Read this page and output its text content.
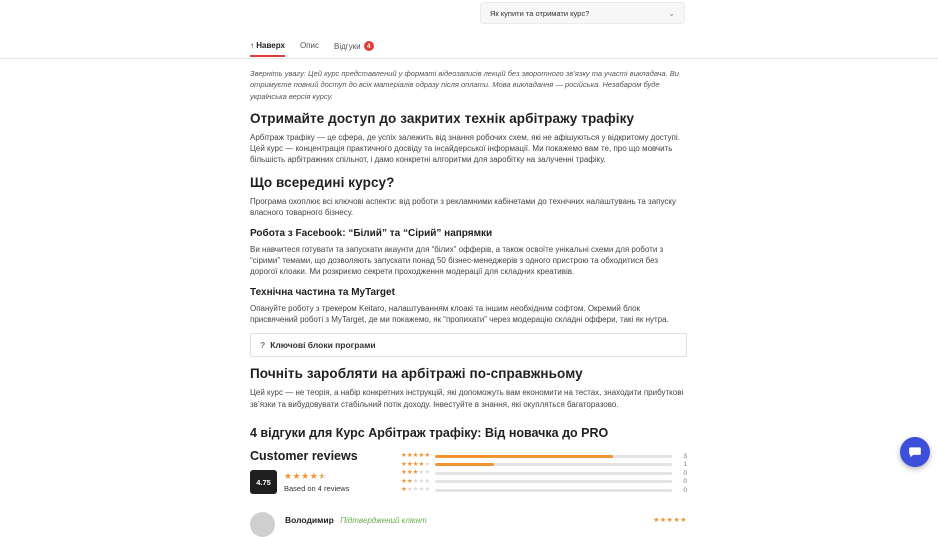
Як купити та отримати курс?	⌄
↑ Наверх Опис Відгуки 4

Зверніть увагу: Цей курс представлений у форматі відеозаписів лекцій без зворотного зв’язку та участі викладача. Ви отримуєте повний доступ до всіх матеріалів одразу після оплати. Мова викладання — російська. Незабаром буде українська версія курсу.

Отримайте доступ до закритих технік арбітражу трафіку

Арбітраж трафіку — це сфера, де успіх залежить від знання робочих схем, які не афішуються у відкритому доступі. Цей курс — концентрація практичного досвіду та інсайдерської інформації. Ми покажемо вам те, про що мовчить більшість арбітражних спільнот, і дамо конкретні алгоритми для заробітку на залученні трафіку.

Що всередині курсу?

Програма охоплює всі ключові аспекти: від роботи з рекламними кабінетами до технічних налаштувань та запуску власного товарного бізнесу.

Робота з Facebook: “Білий” та “Сірий” напрямки

Ви навчитеся готувати та запускати акаунти для “білих” офферів, а також освоїте унікальні схеми для роботи з “сірими” темами, що дозволяють запускати понад 50 бізнес-менеджерів з одного пристрою та обходитися без дорогої клоаки. Ми розкриємо секрети проходження модерації для складних креативів.

Технічна частина та MyTarget

Опануйте роботу з трекером Keitaro, налаштуванням клоакі та іншим необхідним софтом. Окремий блок присвячений роботі з MyTarget, де ми покажемо, як “пропихати” через модерацію складні оффери, такі як нутра.

? Ключові блоки програми
Почніть заробляти на арбітражі по-справжньому

Цей курс — не теорія, а набір конкретних інструкцій, які допоможуть вам економити на тестах, знаходити прибуткові зв’язки та вибудовувати стабільний потік доходу. Інвестуйте в знання, які окупляться багаторазово.

4 відгуки для Курс Арбітраж трафіку: Від новачка до PRO
Customer reviews
4.75
★★★★★
Based on 4 reviews
★★★★★	3
★★★★★	1
★★★★★	0
★★★★★	0
★★★★★	0
Володимир Підтверджений клієнт	★★★★★
